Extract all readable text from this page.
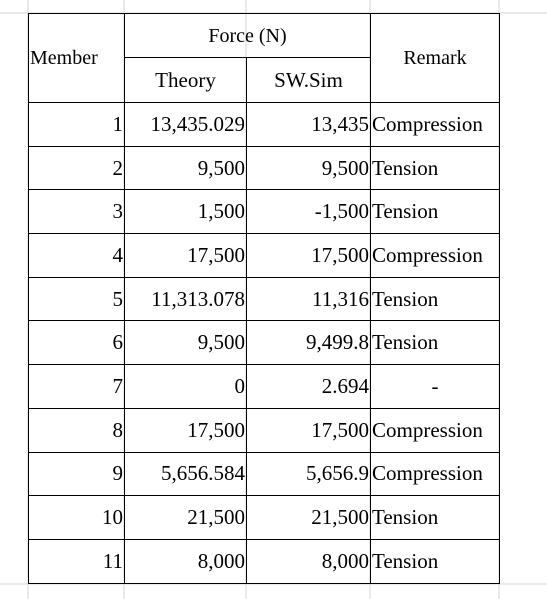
Member	Force (N)		Remark
	Theory	SW.Sim	
1	13,435.029	13,435	Compression
2	9,500	9,500	Tension
3	1,500	-1,500	Tension
4	17,500	17,500	Compression
5	11,313.078	11,316	Tension
6	9,500	9,499.8	Tension
7	0	2.694	-
8	17,500	17,500	Compression
9	5,656.584	5,656.9	Compression
10	21,500	21,500	Tension
11	8,000	8,000	Tension
